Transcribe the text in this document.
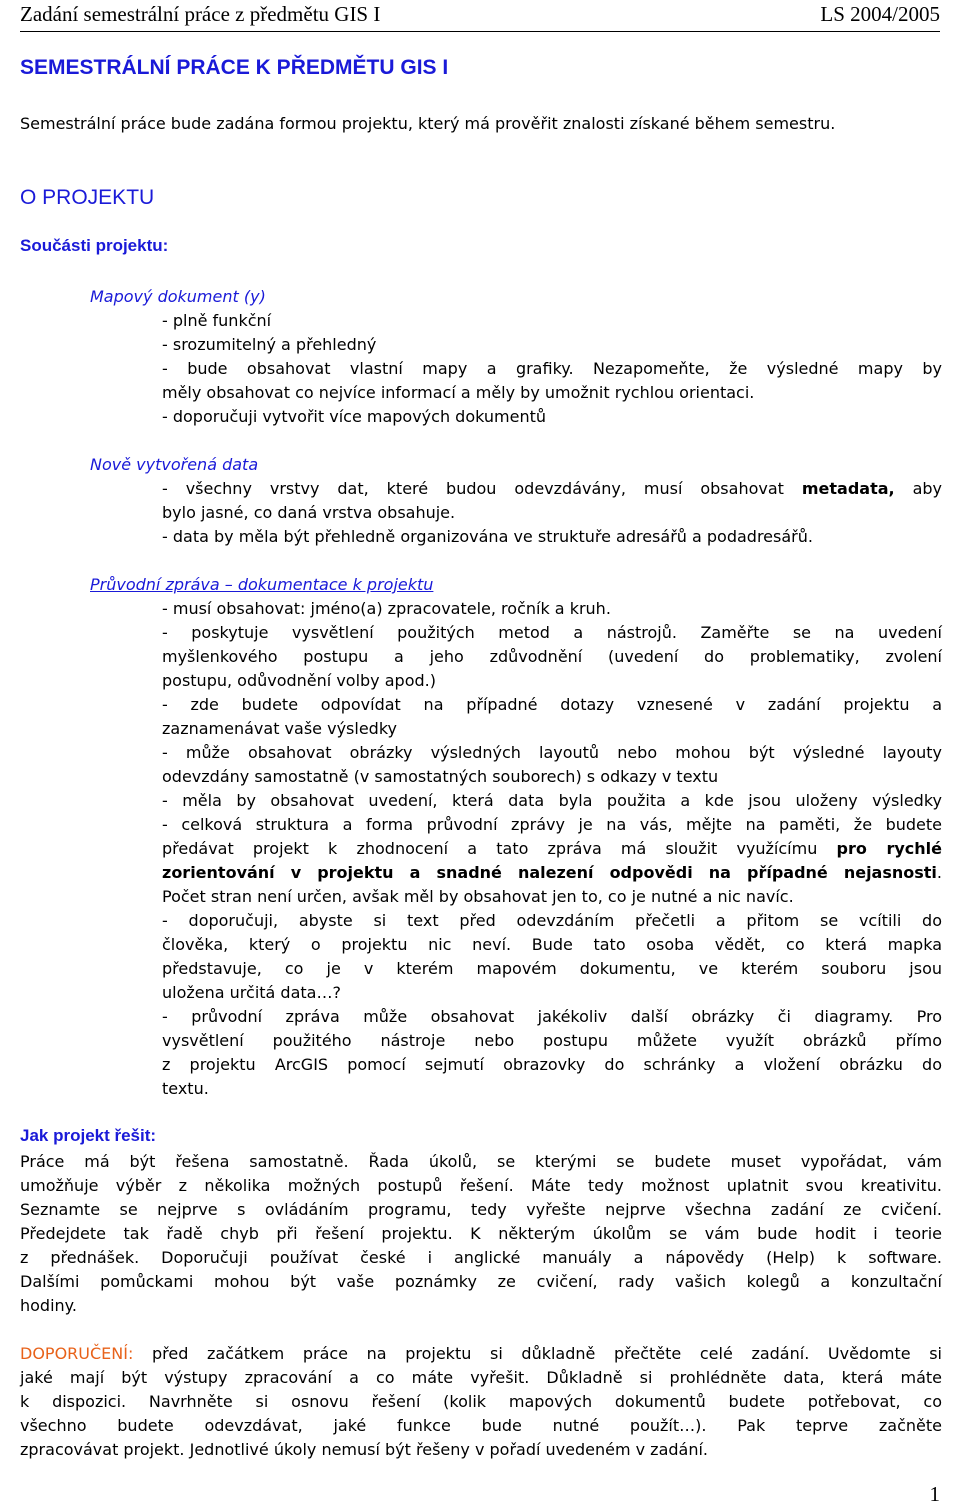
Zadání semestrální práce z předmětu GIS I	LS 2004/2005
SEMESTRÁLNÍ PRÁCE K PŘEDMĚTU GIS I
Semestrální práce bude zadána formou projektu, který má prověřit znalosti získané během semestru.
O PROJEKTU
Součásti projektu:
Mapový dokument (y)
- plně funkční
- srozumitelný a přehledný
- bude obsahovat vlastní mapy a grafiky. Nezapomeňte, že výsledné mapy by
měly obsahovat co nejvíce informací a měly by umožnit rychlou orientaci.
- doporučuji vytvořit více mapových dokumentů
Nově vytvořená data
- všechny vrstvy dat, které budou odevzdávány, musí obsahovat metadata, aby
bylo jasné, co daná vrstva obsahuje.
- data by měla být přehledně organizována ve struktuře adresářů a podadresářů.
Průvodní zpráva – dokumentace k projektu
- musí obsahovat: jméno(a) zpracovatele, ročník a kruh.
- poskytuje vysvětlení použitých metod a nástrojů. Zaměřte se na uvedení
myšlenkového postupu a jeho zdůvodnění (uvedení do problematiky, zvolení
postupu, odůvodnění volby apod.)
- zde budete odpovídat na případné dotazy vznesené v zadání projektu a
zaznamenávat vaše výsledky
- může obsahovat obrázky výsledných layoutů nebo mohou být výsledné layouty
odevzdány samostatně (v samostatných souborech) s odkazy v textu
- měla by obsahovat uvedení, která data byla použita a kde jsou uloženy výsledky
- celková struktura a forma průvodní zprávy je na vás, mějte na paměti, že budete
předávat projekt k zhodnocení a tato zpráva má sloužit využícímu pro rychlé
zorientování v projektu a snadné nalezení odpovědi na případné nejasnosti.
Počet stran není určen, avšak měl by obsahovat jen to, co je nutné a nic navíc.
- doporučuji, abyste si text před odevzdáním přečetli a přitom se vcítili do
člověka, který o projektu nic neví. Bude tato osoba vědět, co která mapka
představuje, co je v kterém mapovém dokumentu, ve kterém souboru jsou
uložena určitá data…?
- průvodní zpráva může obsahovat jakékoliv další obrázky či diagramy. Pro
vysvětlení použitého nástroje nebo postupu můžete využít obrázků přímo
z projektu ArcGIS pomocí sejmutí obrazovky do schránky a vložení obrázku do
textu.
Jak projekt řešit:
Práce má být řešena samostatně. Řada úkolů, se kterými se budete muset vypořádat, vám
umožňuje výběr z několika možných postupů řešení. Máte tedy možnost uplatnit svou kreativitu.
Seznamte se nejprve s ovládáním programu, tedy vyřešte nejprve všechna zadání ze cvičení.
Předejdete tak řadě chyb při řešení projektu. K některým úkolům se vám bude hodit i teorie
z přednášek. Doporučuji používat české i anglické manuály a nápovědy (Help) k software.
Dalšími pomůckami mohou být vaše poznámky ze cvičení, rady vašich kolegů a konzultační
hodiny.
DOPORUČENÍ: před začátkem práce na projektu si důkladně přečtěte celé zadání. Uvědomte si
jaké mají být výstupy zpracování a co máte vyřešit. Důkladně si prohlédněte data, která máte
k dispozici. Navrhněte si osnovu řešení (kolik mapových dokumentů budete potřebovat, co
všechno budete odevzdávat, jaké funkce bude nutné použít…). Pak teprve začněte
zpracovávat projekt. Jednotlivé úkoly nemusí být řešeny v pořadí uvedeném v zadání.
1
